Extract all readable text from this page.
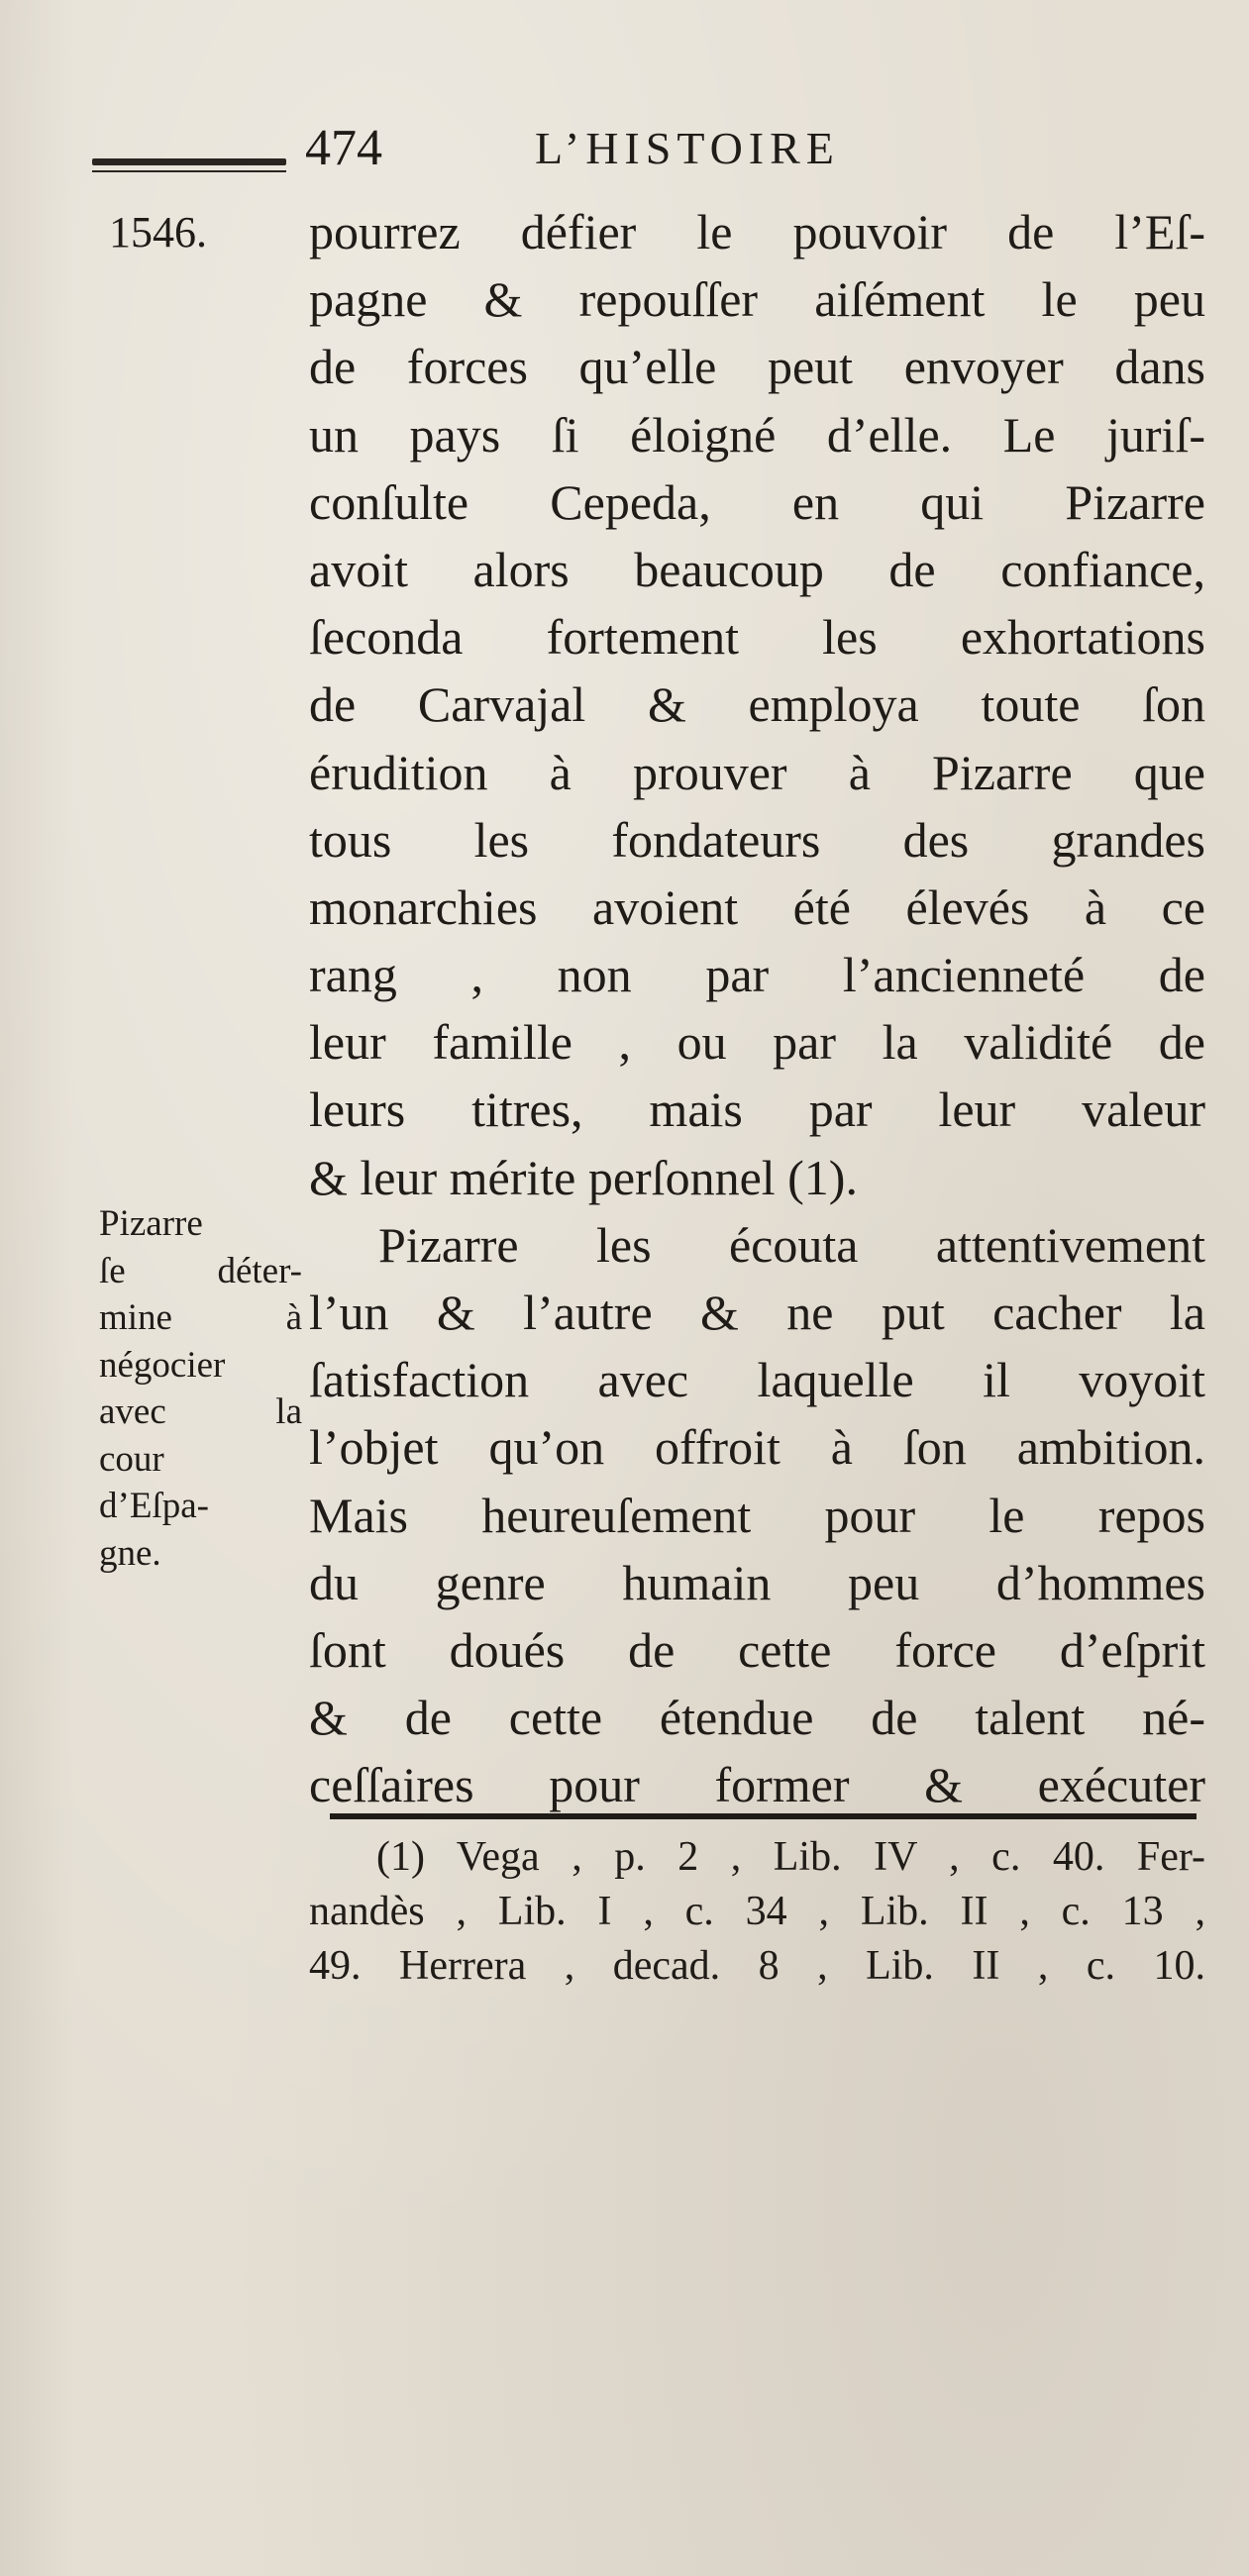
474	L’HISTOIRE
1546. pourrez défier le pouvoir de l’Eſ-
pagne & repouſſer aiſément le peu
de forces qu’elle peut envoyer dans
un pays ſi éloigné d’elle. Le juriſ-
conſulte Cepeda, en qui Pizarre
avoit alors beaucoup de confiance,
ſeconda fortement les exhortations
de Carvajal & employa toute ſon
érudition à prouver à Pizarre que
tous les fondateurs des grandes
monarchies avoient été élevés à ce
rang , non par l’ancienneté de
leur famille , ou par la validité de
leurs titres, mais par leur valeur
& leur mérite perſonnel (1).
Pizarre les écouta attentivement
l’un & l’autre & ne put cacher la
ſatisfaction avec laquelle il voyoit
l’objet qu’on offroit à ſon ambition.
Mais heureuſement pour le repos
du genre humain peu d’hommes
ſont doués de cette force d’eſprit
& de cette étendue de talent né-
ceſſaires pour former & exécuter
Pizarre
ſe déter-
mine à
négocier
avec la
cour
d’Eſpa-
gne.
(1) Vega , p. 2 , Lib. IV , c. 40. Fer-
nandès , Lib. I , c. 34 , Lib. II , c. 13 ,
49. Herrera , decad. 8 , Lib. II , c. 10.
